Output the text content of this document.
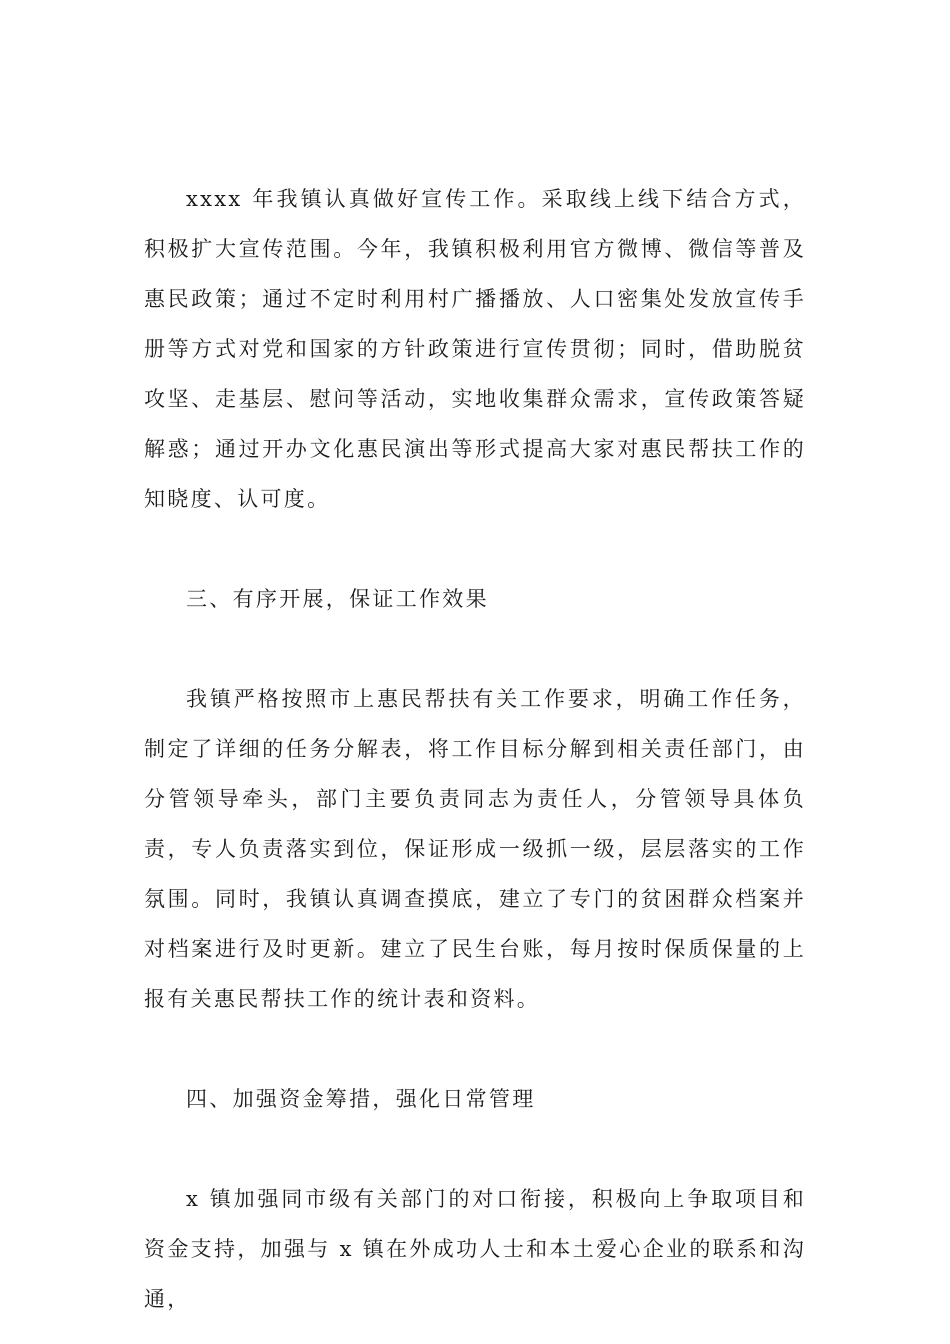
xxxx 年我镇认真做好宣传工作。采取线上线下结合方式，积极扩大宣传范围。今年，我镇积极利用官方微博、微信等普及惠民政策；通过不定时利用村广播播放、人口密集处发放宣传手册等方式对党和国家的方针政策进行宣传贯彻；同时，借助脱贫攻坚、走基层、慰问等活动，实地收集群众需求，宣传政策答疑解惑；通过开办文化惠民演出等形式提高大家对惠民帮扶工作的知晓度、认可度。

三、有序开展，保证工作效果

我镇严格按照市上惠民帮扶有关工作要求，明确工作任务，制定了详细的任务分解表，将工作目标分解到相关责任部门，由分管领导牵头，部门主要负责同志为责任人，分管领导具体负责，专人负责落实到位，保证形成一级抓一级，层层落实的工作氛围。同时，我镇认真调查摸底，建立了专门的贫困群众档案并对档案进行及时更新。建立了民生台账，每月按时保质保量的上报有关惠民帮扶工作的统计表和资料。

四、加强资金筹措，强化日常管理

x 镇加强同市级有关部门的对口衔接，积极向上争取项目和资金支持，加强与 x 镇在外成功人士和本土爱心企业的联系和沟通，
